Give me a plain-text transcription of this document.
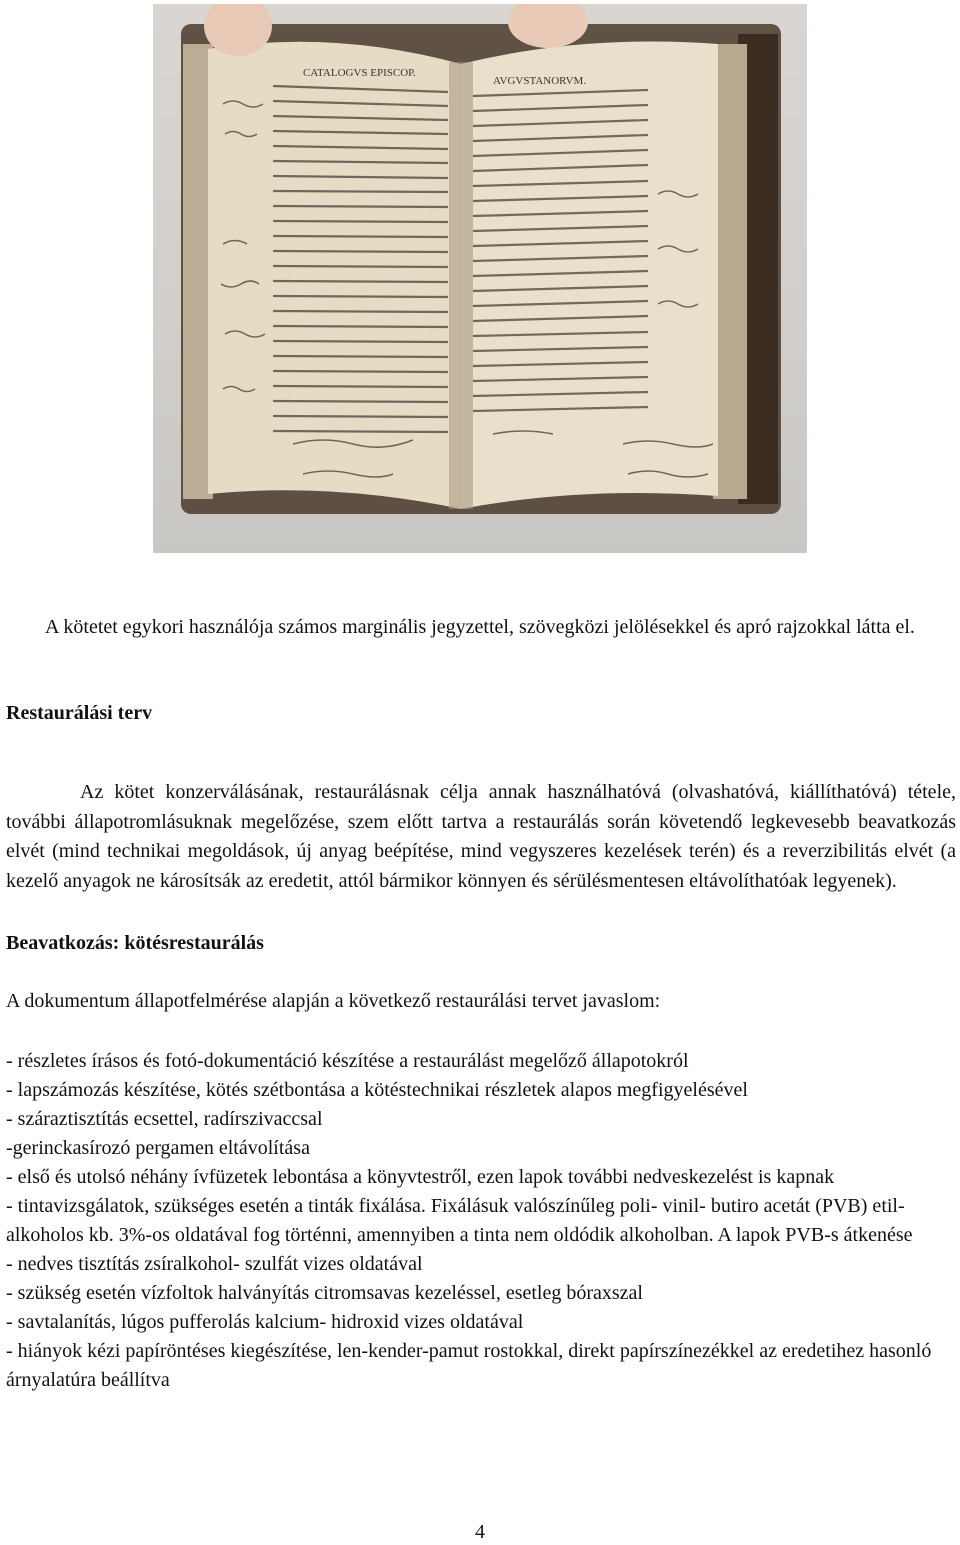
CATALOGVS EPISCOP.
AVGVSTANORVM.
A kötetet egykori használója számos marginális jegyzettel, szövegközi jelölésekkel és apró rajzokkal látta el.
Restaurálási terv

Az kötet konzerválásának, restaurálásnak célja annak használhatóvá (olvashatóvá, kiállíthatóvá) tétele, további állapotromlásuknak megelőzése, szem előtt tartva a restaurálás során követendő legkevesebb beavatkozás elvét (mind technikai megoldások, új anyag beépítése, mind vegyszeres kezelések terén) és a reverzibilitás elvét (a kezelő anyagok ne károsítsák az eredetit, attól bármikor könnyen és sérülésmentesen eltávolíthatóak legyenek).

Beavatkozás: kötésrestaurálás
A dokumentum állapotfelmérése alapján a következő restaurálási tervet javaslom:
- részletes írásos és fotó-dokumentáció készítése a restaurálást megelőző állapotokról
- lapszámozás készítése, kötés szétbontása a kötéstechnikai részletek alapos megfigyelésével
- száraztisztítás ecsettel, radírszivaccsal
-gerinckasírozó pergamen eltávolítása
- első és utolsó néhány ívfüzetek lebontása a könyvtestről, ezen lapok további nedveskezelést is kapnak
- tintavizsgálatok, szükséges esetén a tinták fixálása. Fixálásuk valószínűleg poli- vinil- butiro acetát (PVB) etil-alkoholos kb. 3%-os oldatával fog történni, amennyiben a tinta nem oldódik alkoholban. A lapok PVB-s átkenése
- nedves tisztítás zsíralkohol- szulfát vizes oldatával
- szükség esetén vízfoltok halványítás citromsavas kezeléssel, esetleg bóraxszal
- savtalanítás, lúgos pufferolás kalcium- hidroxid vizes oldatával
- hiányok kézi papíröntéses kiegészítése, len-kender-pamut rostokkal, direkt papírszínezékkel az eredetihez hasonló árnyalatúra beállítva
4
